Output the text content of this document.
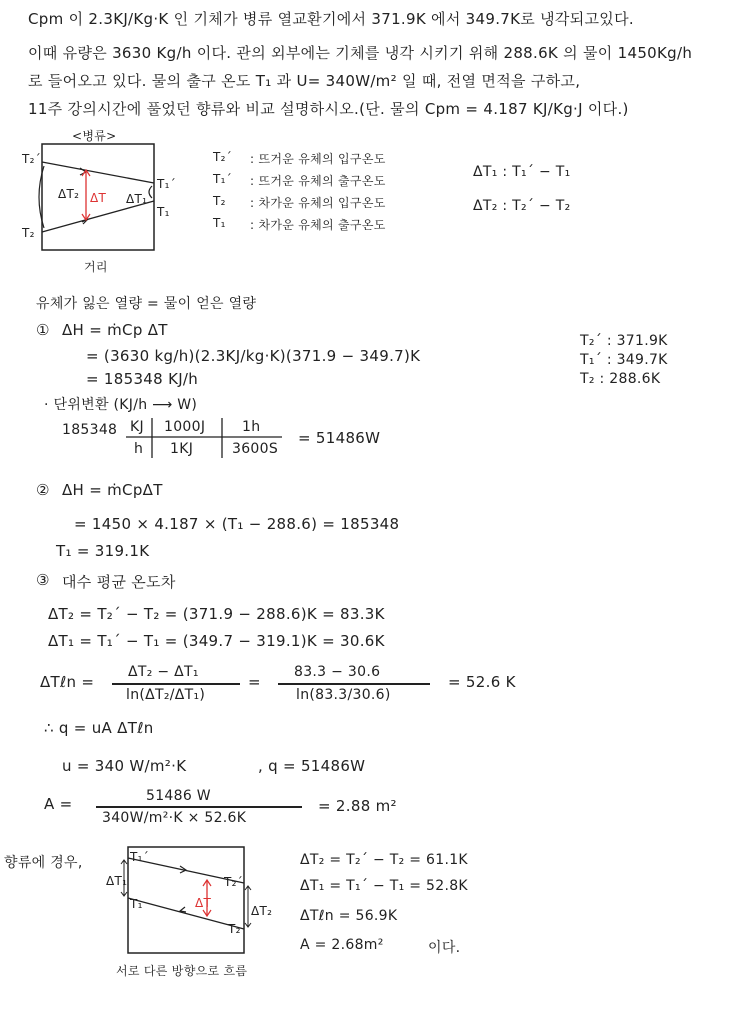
Cpm 이 2.3KJ/Kg·K 인 기체가 병류 열교환기에서 371.9K 에서 349.7K로 냉각되고있다.
이때 유량은 3630 Kg/h 이다. 관의 외부에는 기체를 냉각 시키기 위해 288.6K 의 물이 1450Kg/h
로 들어오고 있다. 물의 출구 온도 T₁ 과 U= 340W/m² 일 때, 전열 면적을 구하고,
11주 강의시간에 풀었던 향류와 비교 설명하시오.(단. 물의 Cpm = 4.187 KJ/Kg·J 이다.)
<병류>
T₂´
T₂
T₁´
T₁
ΔT₂ ΔT ΔT₁
거리
T₂´ : 뜨거운 유체의 입구온도
T₁´ : 뜨거운 유체의 출구온도
T₂ : 차가운 유체의 입구온도
T₁ : 차가운 유체의 출구온도
ΔT₁ : T₁´ − T₁
ΔT₂ : T₂´ − T₂
유체가 잃은 열량 = 물이 얻은 열량
① ΔH = ṁCp ΔT
= (3630 kg/h)(2.3KJ/kg·K)(371.9 − 349.7)K
= 185348 KJ/h
T₂´ : 371.9K
T₁´ : 349.7K
T₂ : 288.6K
· 단위변환 (KJ/h ⟶ W)
185348 KJ
h
1000J
1KJ
1h
3600S
= 51486W
② ΔH = ṁCpΔT
= 1450 × 4.187 × (T₁ − 288.6) = 185348
T₁ = 319.1K
③ 대수 평균 온도차
ΔT₂ = T₂´ − T₂ = (371.9 − 288.6)K = 83.3K
ΔT₁ = T₁´ − T₁ = (349.7 − 319.1)K = 30.6K
ΔTℓn =
ΔT₂ − ΔT₁
ln(ΔT₂/ΔT₁)
=
83.3 − 30.6
ln(83.3/30.6)
= 52.6 K
∴ q = uA ΔTℓn
u = 340 W/m²·K	, q = 51486W
A =	51486 W
340W/m²·K × 52.6K
= 2.88 m²
향류에 경우,	T₁´
T₁
T₂´
T₂
ΔT₁
ΔT
ΔT₂
서로 다른 방향으로 흐름
ΔT₂ = T₂´ − T₂ = 61.1K
ΔT₁ = T₁´ − T₁ = 52.8K
ΔTℓn = 56.9K
A = 2.68m²	이다.
